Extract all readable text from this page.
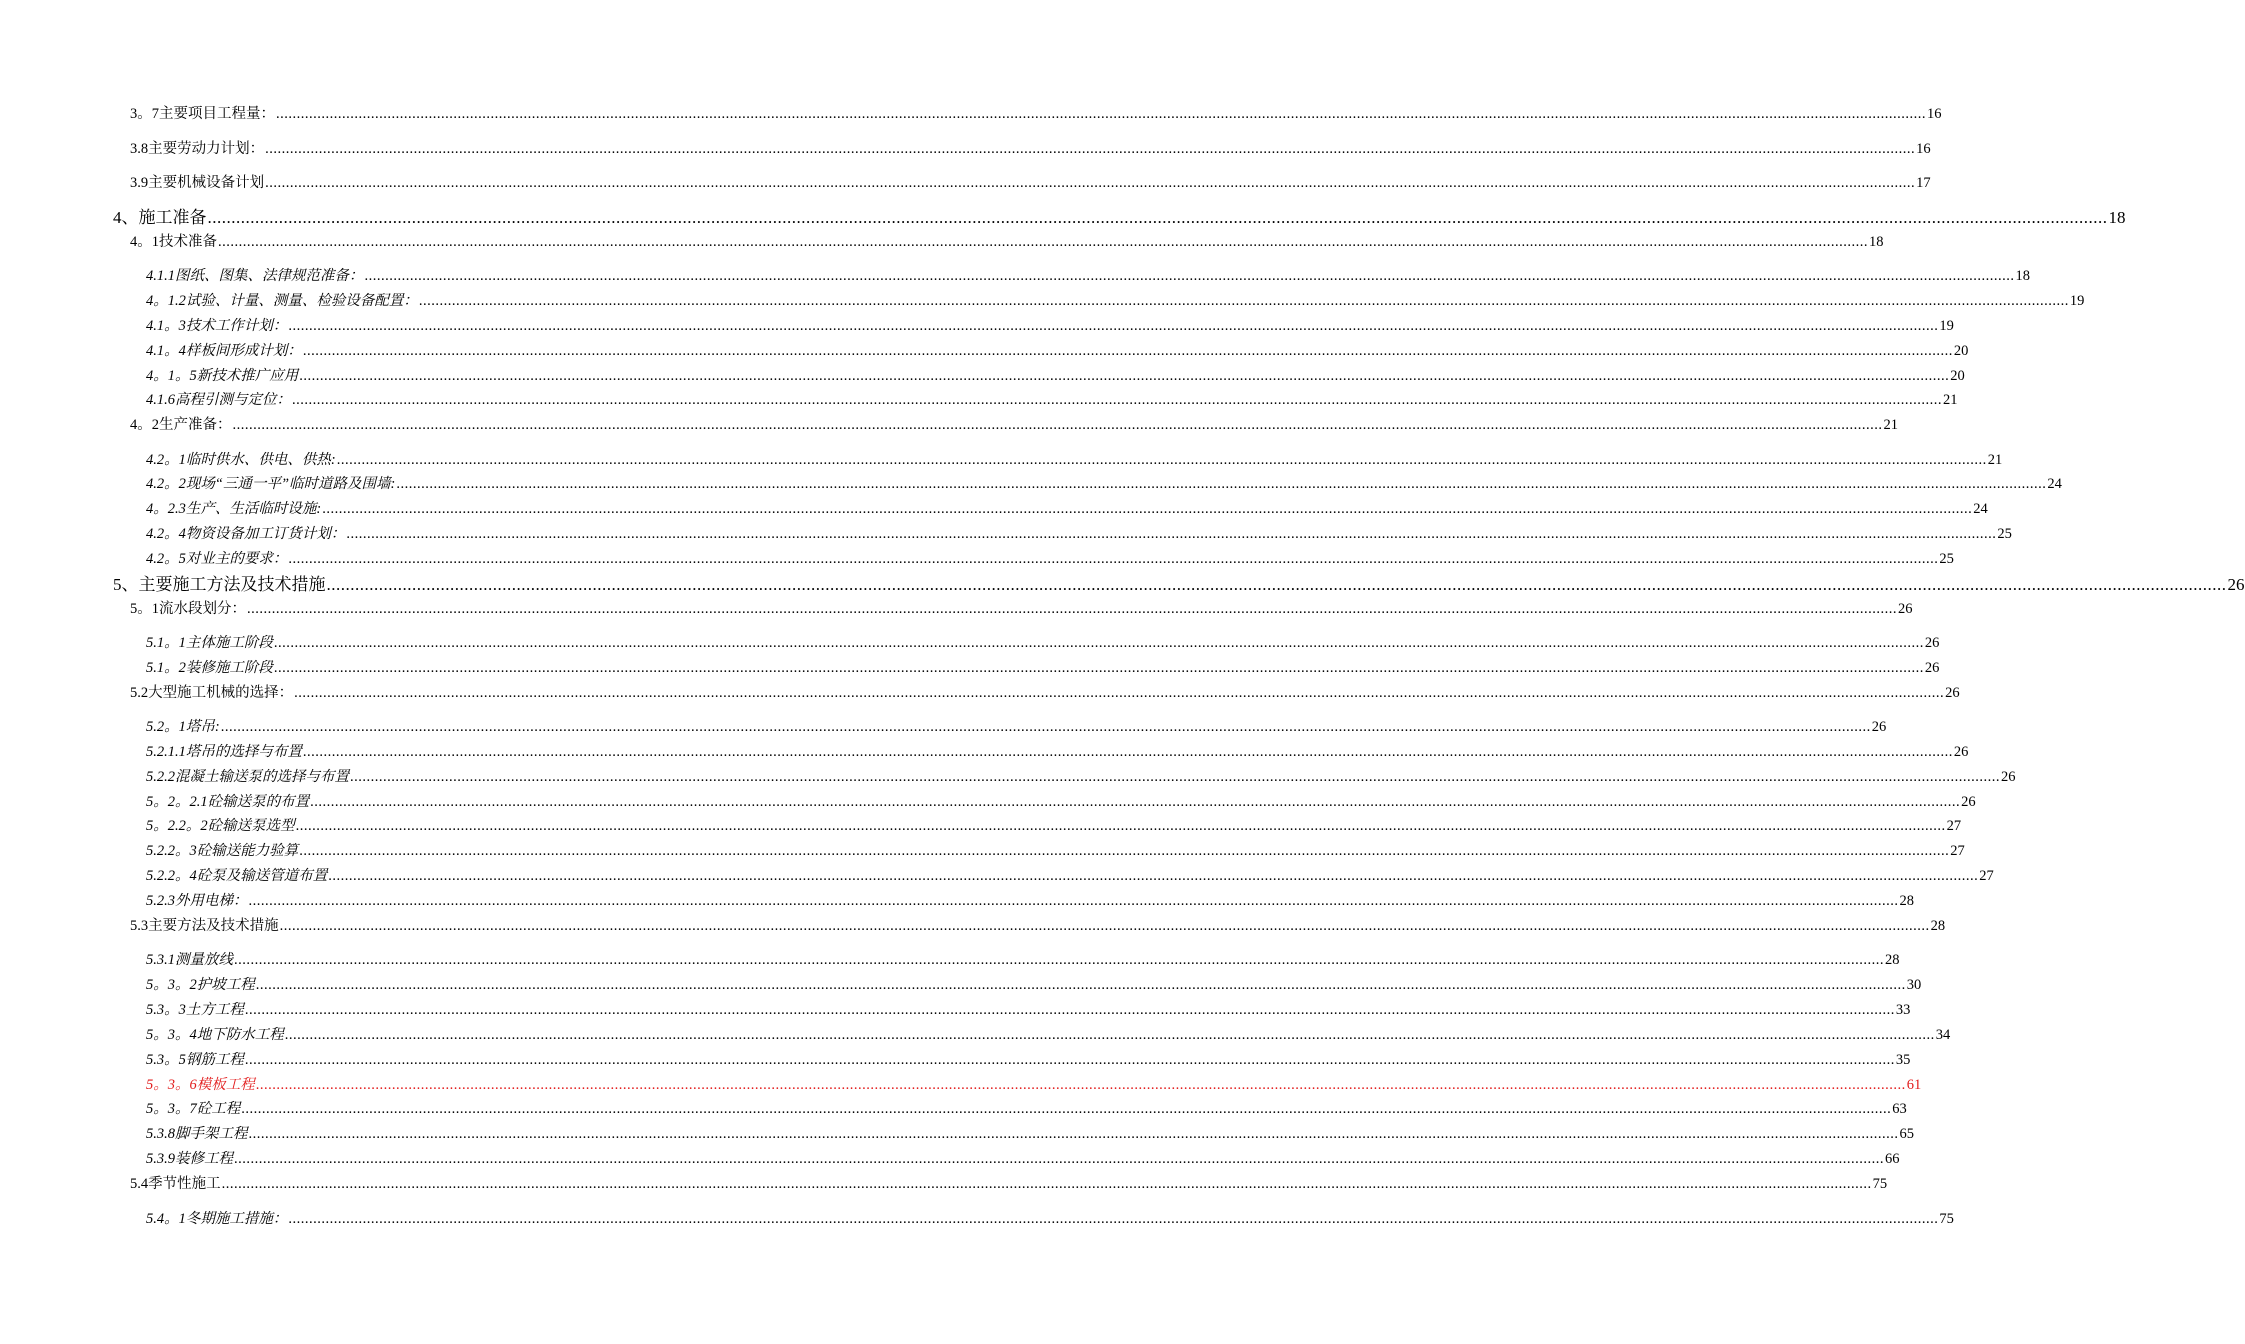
3。7主要项目工程量： ................................................................................................................................................................................................................................................................................................................................................................................................................ 16
3.8主要劳动力计划： ................................................................................................................................................................................................................................................................................................................................................................................................................ 16
3.9主要机械设备计划 ................................................................................................................................................................................................................................................................................................................................................................................................................ 17
4、施工准备 ................................................................................................................................................................................................................................................................................................................................................................................................................ 18
4。1技术准备 ................................................................................................................................................................................................................................................................................................................................................................................................................ 18
4.1.1图纸、图集、法律规范准备： ................................................................................................................................................................................................................................................................................................................................................................................................................ 18
4。1.2试验、计量、测量、检验设备配置： ................................................................................................................................................................................................................................................................................................................................................................................................................ 19
4.1。3技术工作计划： ................................................................................................................................................................................................................................................................................................................................................................................................................ 19
4.1。4样板间形成计划： ................................................................................................................................................................................................................................................................................................................................................................................................................ 20
4。1。5新技术推广应用 ................................................................................................................................................................................................................................................................................................................................................................................................................ 20
4.1.6高程引测与定位： ................................................................................................................................................................................................................................................................................................................................................................................................................ 21
4。2生产准备： ................................................................................................................................................................................................................................................................................................................................................................................................................ 21
4.2。1临时供水、供电、供热: ................................................................................................................................................................................................................................................................................................................................................................................................................ 21
4.2。2现场“三通一平”临时道路及围墙: ................................................................................................................................................................................................................................................................................................................................................................................................................ 24
4。2.3生产、生活临时设施: ................................................................................................................................................................................................................................................................................................................................................................................................................ 24
4.2。4物资设备加工订货计划： ................................................................................................................................................................................................................................................................................................................................................................................................................ 25
4.2。5对业主的要求： ................................................................................................................................................................................................................................................................................................................................................................................................................ 25
5、主要施工方法及技术措施 ................................................................................................................................................................................................................................................................................................................................................................................................................ 26
5。1流水段划分： ................................................................................................................................................................................................................................................................................................................................................................................................................ 26
5.1。1主体施工阶段 ................................................................................................................................................................................................................................................................................................................................................................................................................ 26
5.1。2装修施工阶段 ................................................................................................................................................................................................................................................................................................................................................................................................................ 26
5.2大型施工机械的选择： ................................................................................................................................................................................................................................................................................................................................................................................................................ 26
5.2。1塔吊: ................................................................................................................................................................................................................................................................................................................................................................................................................ 26
5.2.1.1塔吊的选择与布置 ................................................................................................................................................................................................................................................................................................................................................................................................................ 26
5.2.2混凝土输送泵的选择与布置 ................................................................................................................................................................................................................................................................................................................................................................................................................ 26
5。2。2.1砼输送泵的布置 ................................................................................................................................................................................................................................................................................................................................................................................................................ 26
5。2.2。2砼输送泵选型 ................................................................................................................................................................................................................................................................................................................................................................................................................ 27
5.2.2。3砼输送能力验算 ................................................................................................................................................................................................................................................................................................................................................................................................................ 27
5.2.2。4砼泵及输送管道布置 ................................................................................................................................................................................................................................................................................................................................................................................................................ 27
5.2.3外用电梯： ................................................................................................................................................................................................................................................................................................................................................................................................................ 28
5.3主要方法及技术措施 ................................................................................................................................................................................................................................................................................................................................................................................................................ 28
5.3.1测量放线 ................................................................................................................................................................................................................................................................................................................................................................................................................ 28
5。3。2护坡工程 ................................................................................................................................................................................................................................................................................................................................................................................................................ 30
5.3。3土方工程 ................................................................................................................................................................................................................................................................................................................................................................................................................ 33
5。3。4地下防水工程 ................................................................................................................................................................................................................................................................................................................................................................................................................ 34
5.3。5钢筋工程 ................................................................................................................................................................................................................................................................................................................................................................................................................ 35
5。3。6模板工程 ................................................................................................................................................................................................................................................................................................................................................................................................................ 61
5。3。7砼工程 ................................................................................................................................................................................................................................................................................................................................................................................................................ 63
5.3.8脚手架工程 ................................................................................................................................................................................................................................................................................................................................................................................................................ 65
5.3.9装修工程 ................................................................................................................................................................................................................................................................................................................................................................................................................ 66
5.4季节性施工 ................................................................................................................................................................................................................................................................................................................................................................................................................ 75
5.4。1冬期施工措施： ................................................................................................................................................................................................................................................................................................................................................................................................................ 75
